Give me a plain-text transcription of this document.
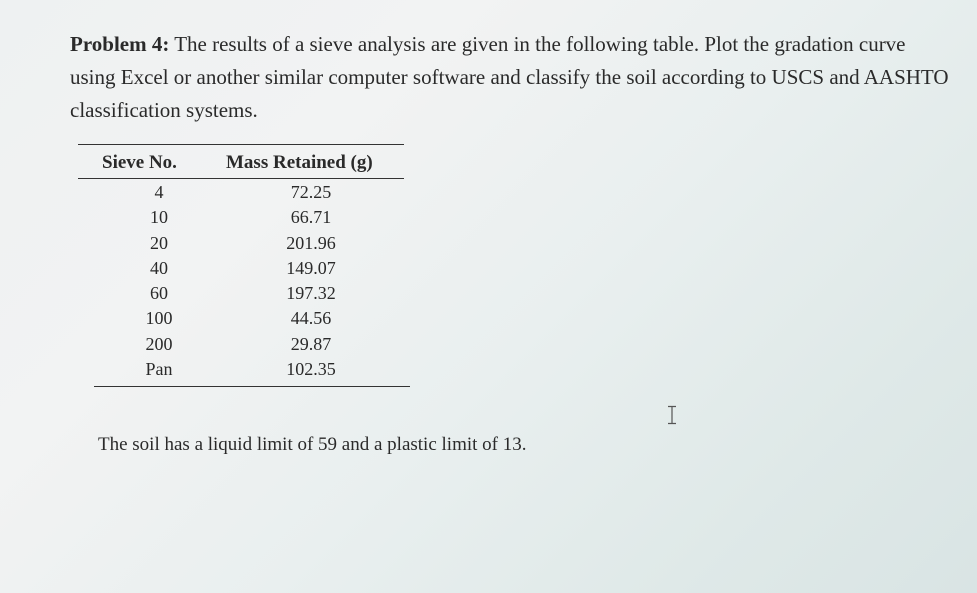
Problem 4: The results of a sieve analysis are given in the following table. Plot the gradation curve using Excel or another similar computer software and classify the soil according to USCS and AASHTO classification systems.
Sieve No.	Mass Retained (g)
4	72.25
10	66.71
20	201.96
40	149.07
60	197.32
100	44.56
200	29.87
Pan	102.35
The soil has a liquid limit of 59 and a plastic limit of 13.
